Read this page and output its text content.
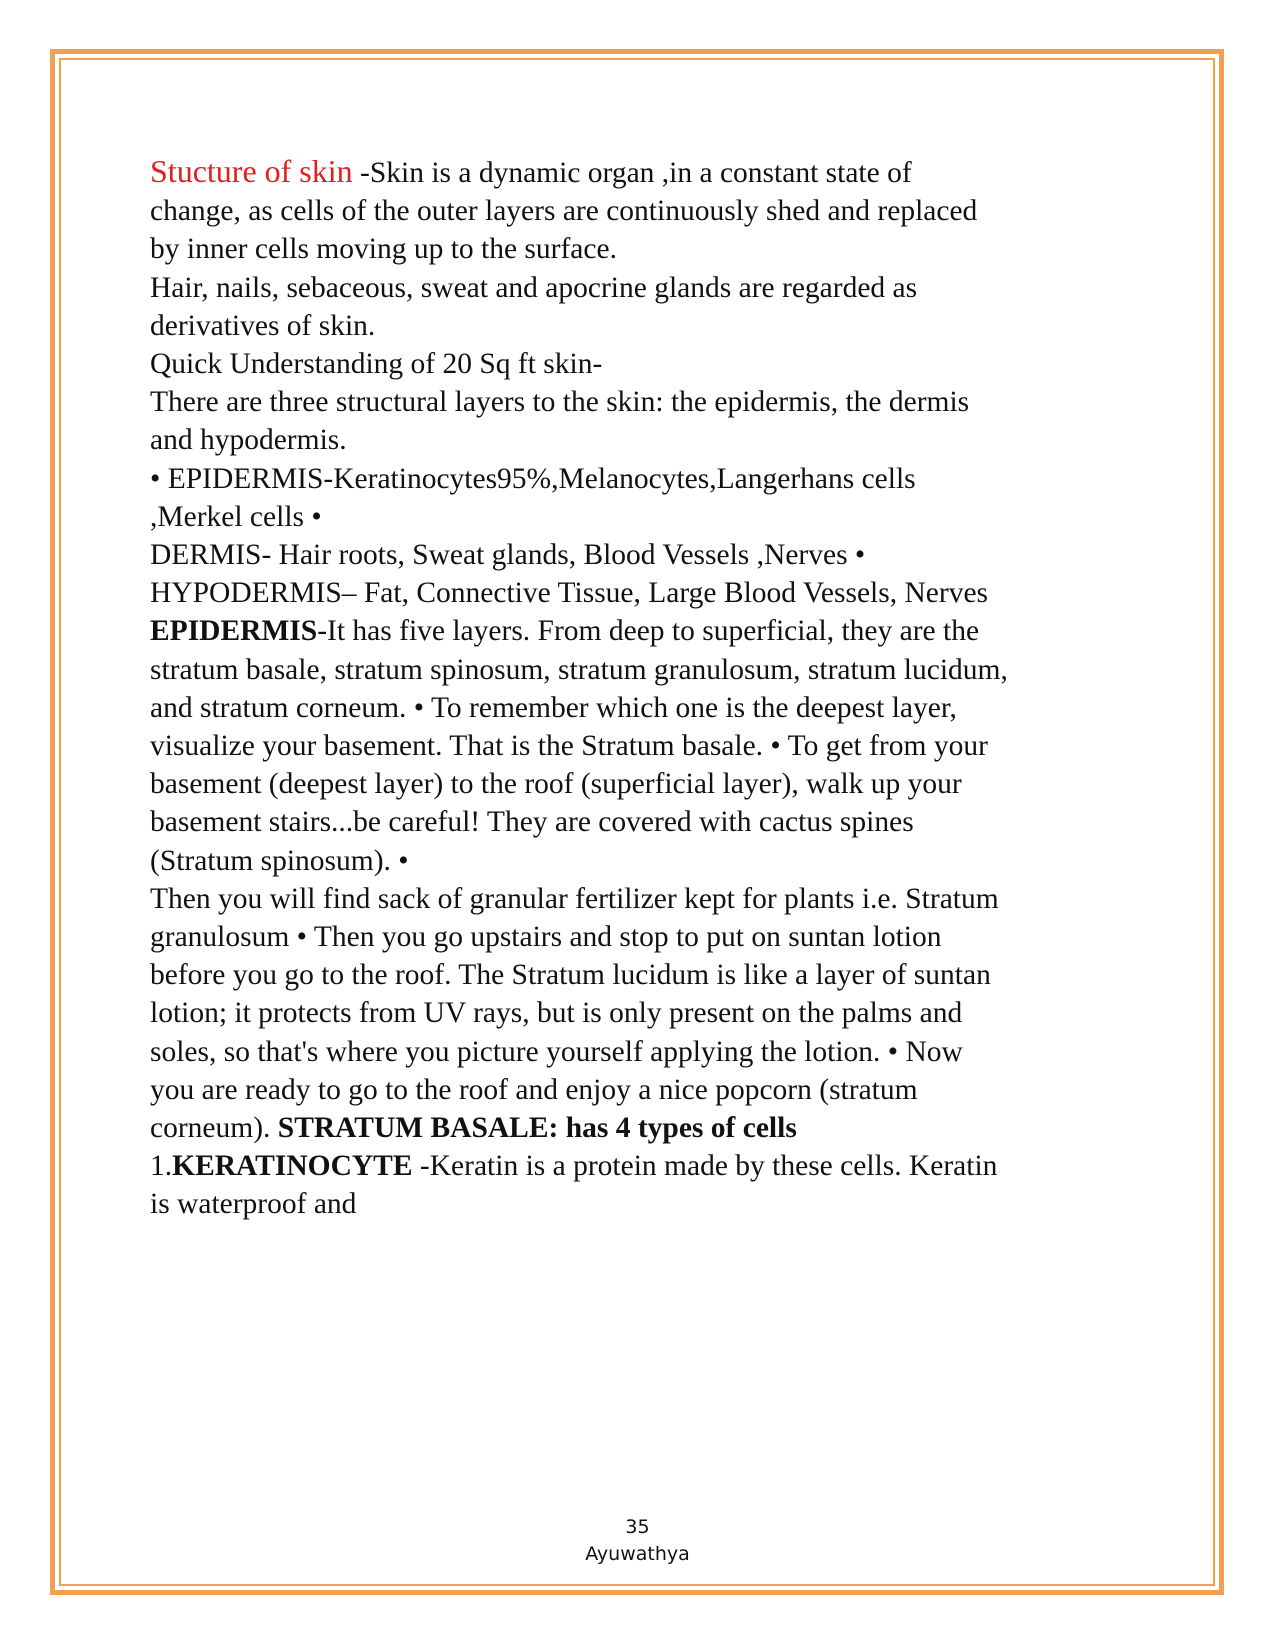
Stucture of skin -Skin is a dynamic organ ,in a constant state of
change, as cells of the outer layers are continuously shed and replaced
by inner cells moving up to the surface.
Hair, nails, sebaceous, sweat and apocrine glands are regarded as
derivatives of skin.
Quick Understanding of 20 Sq ft skin-
There are three structural layers to the skin: the epidermis, the dermis
and hypodermis.
• EPIDERMIS-Keratinocytes95%,Melanocytes,Langerhans cells
,Merkel cells •
DERMIS- Hair roots, Sweat glands, Blood Vessels ,Nerves •
HYPODERMIS– Fat, Connective Tissue, Large Blood Vessels, Nerves
EPIDERMIS-It has five layers. From deep to superficial, they are the
stratum basale, stratum spinosum, stratum granulosum, stratum lucidum,
and stratum corneum. • To remember which one is the deepest layer,
visualize your basement. That is the Stratum basale. • To get from your
basement (deepest layer) to the roof (superficial layer), walk up your
basement stairs...be careful! They are covered with cactus spines
(Stratum spinosum). •
Then you will find sack of granular fertilizer kept for plants i.e. Stratum
granulosum • Then you go upstairs and stop to put on suntan lotion
before you go to the roof. The Stratum lucidum is like a layer of suntan
lotion; it protects from UV rays, but is only present on the palms and
soles, so that's where you picture yourself applying the lotion. • Now
you are ready to go to the roof and enjoy a nice popcorn (stratum
corneum). STRATUM BASALE: has 4 types of cells
1.KERATINOCYTE -Keratin is a protein made by these cells. Keratin
is waterproof and
35
Ayuwathya
